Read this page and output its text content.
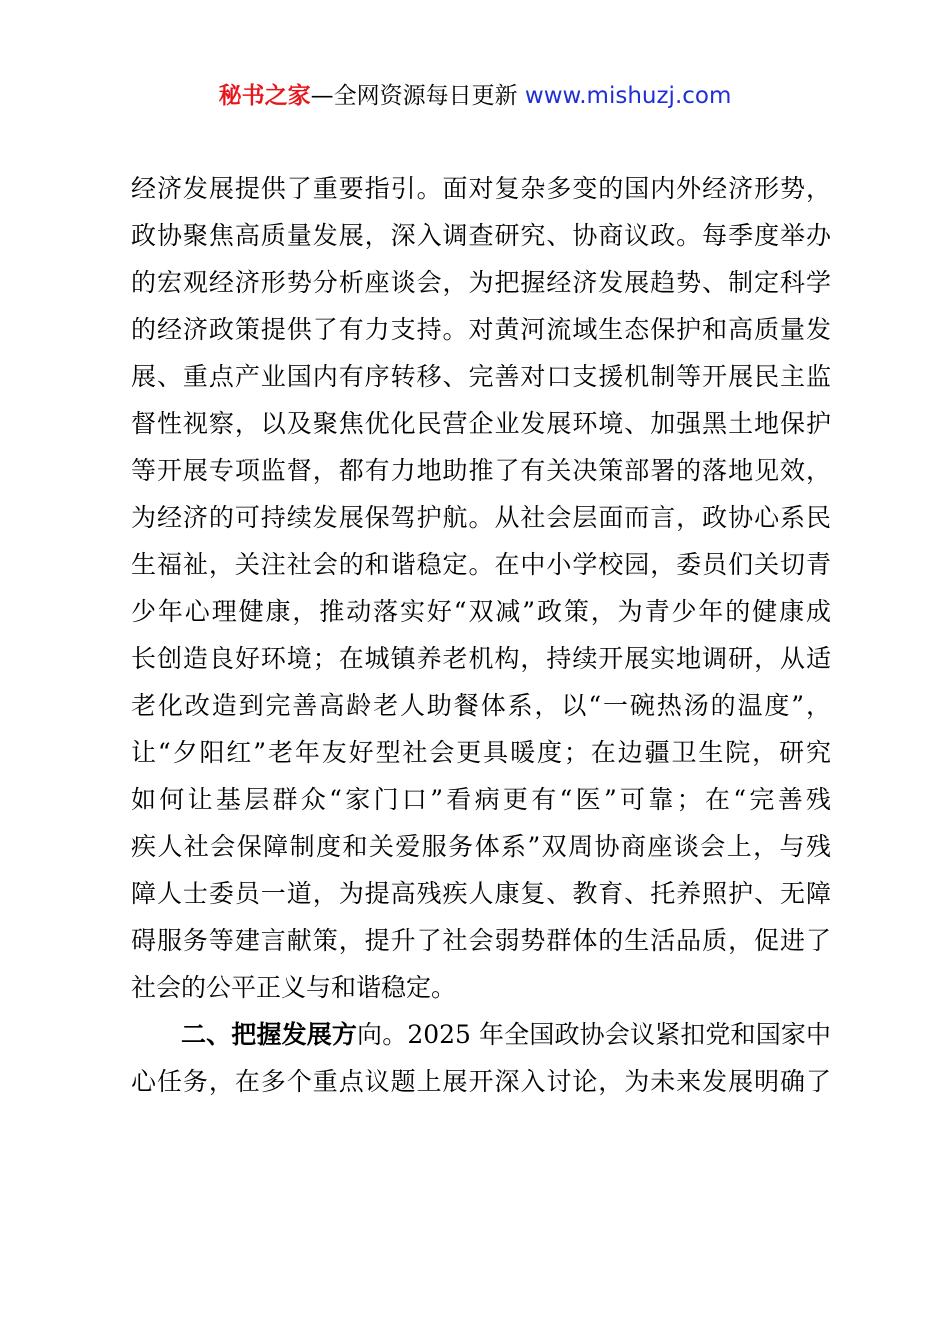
秘书之家—全网资源每日更新 www.mishuzj.com
经济发展提供了重要指引。面对复杂多变的国内外经济形势，
政协聚焦高质量发展，深入调查研究、协商议政。每季度举办
的宏观经济形势分析座谈会，为把握经济发展趋势、制定科学
的经济政策提供了有力支持。对黄河流域生态保护和高质量发
展、重点产业国内有序转移、完善对口支援机制等开展民主监
督性视察，以及聚焦优化民营企业发展环境、加强黑土地保护
等开展专项监督，都有力地助推了有关决策部署的落地见效，
为经济的可持续发展保驾护航。从社会层面而言，政协心系民
生福祉，关注社会的和谐稳定。在中小学校园，委员们关切青
少年心理健康，推动落实好“双减”政策，为青少年的健康成
长创造良好环境；在城镇养老机构，持续开展实地调研，从适
老化改造到完善高龄老人助餐体系，以“一碗热汤的温度”，
让“夕阳红”老年友好型社会更具暖度；在边疆卫生院，研究
如何让基层群众“家门口”看病更有“医”可靠；在“完善残
疾人社会保障制度和关爱服务体系”双周协商座谈会上，与残
障人士委员一道，为提高残疾人康复、教育、托养照护、无障
碍服务等建言献策，提升了社会弱势群体的生活品质，促进了
社会的公平正义与和谐稳定。
二、把握发展方向。2025 年全国政协会议紧扣党和国家中
心任务，在多个重点议题上展开深入讨论，为未来发展明确了
